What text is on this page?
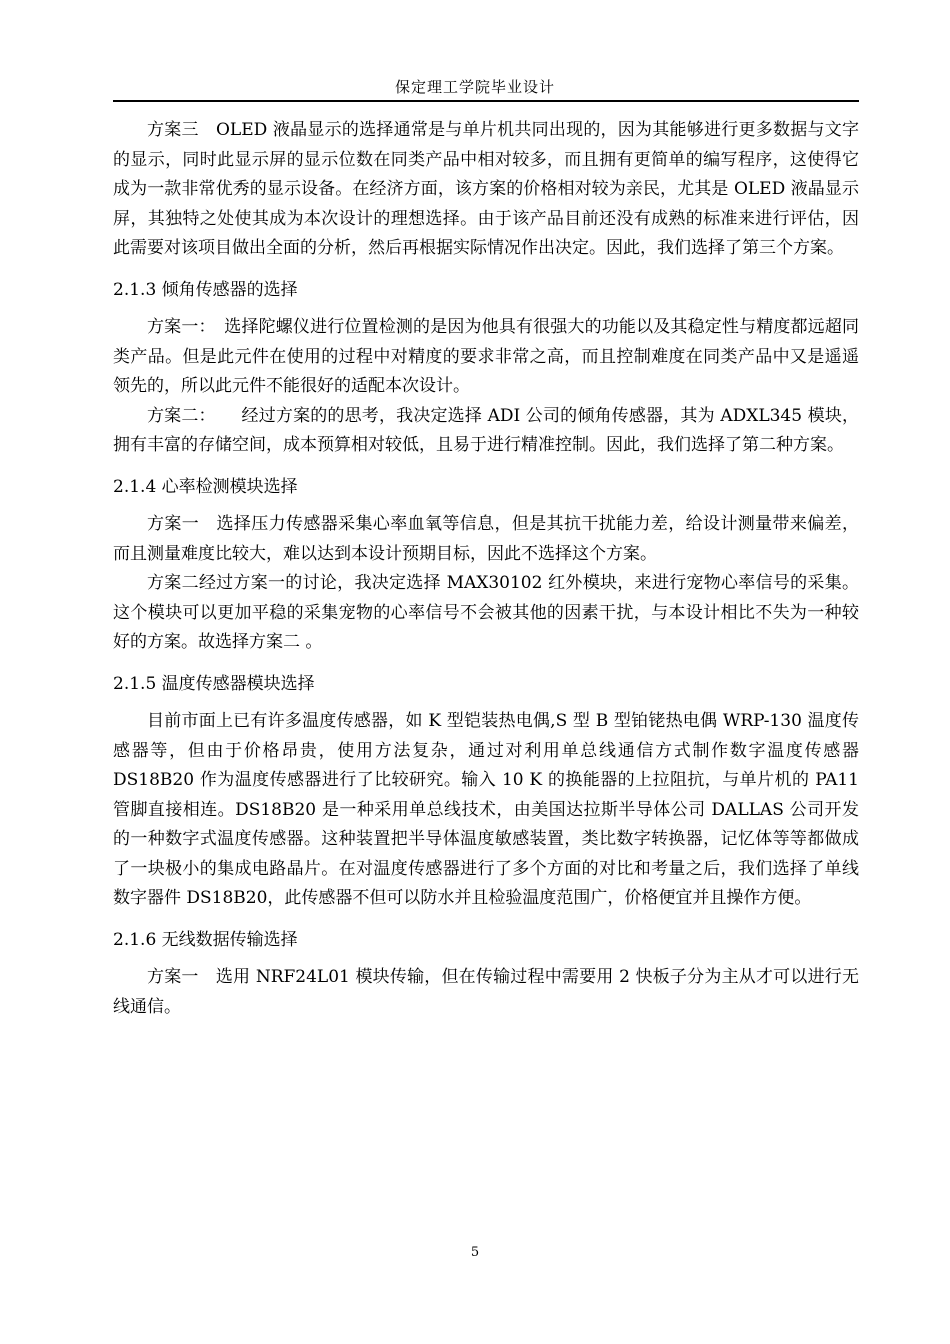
保定理工学院毕业设计

方案三　OLED 液晶显示的选择通常是与单片机共同出现的，因为其能够进行更多数据与文字的显示，同时此显示屏的显示位数在同类产品中相对较多，而且拥有更简单的编写程序，这使得它成为一款非常优秀的显示设备。在经济方面，该方案的价格相对较为亲民，尤其是 OLED 液晶显示屏，其独特之处使其成为本次设计的理想选择。由于该产品目前还没有成熟的标准来进行评估，因此需要对该项目做出全面的分析，然后再根据实际情况作出决定。因此，我们选择了第三个方案。

2.1.3 倾角传感器的选择

方案一：　选择陀螺仪进行位置检测的是因为他具有很强大的功能以及其稳定性与精度都远超同类产品。但是此元件在使用的过程中对精度的要求非常之高，而且控制难度在同类产品中又是遥遥领先的，所以此元件不能很好的适配本次设计。

方案二：　　经过方案的的思考，我决定选择 ADI 公司的倾角传感器，其为 ADXL345 模块，拥有丰富的存储空间，成本预算相对较低，且易于进行精准控制。因此，我们选择了第二种方案。

2.1.4 心率检测模块选择

方案一　选择压力传感器采集心率血氧等信息，但是其抗干扰能力差，给设计测量带来偏差，而且测量难度比较大，难以达到本设计预期目标，因此不选择这个方案。

方案二经过方案一的讨论，我决定选择 MAX30102 红外模块，来进行宠物心率信号的采集。这个模块可以更加平稳的采集宠物的心率信号不会被其他的因素干扰，与本设计相比不失为一种较好的方案。故选择方案二 。

2.1.5 温度传感器模块选择

目前市面上已有许多温度传感器，如 K 型铠装热电偶,S 型 B 型铂铑热电偶 WRP-130 温度传感器等，但由于价格昂贵，使用方法复杂，通过对利用单总线通信方式制作数字温度传感器 DS18B20 作为温度传感器进行了比较研究。输入 10 K 的换能器的上拉阻抗，与单片机的 PA11 管脚直接相连。DS18B20 是一种采用单总线技术，由美国达拉斯半导体公司 DALLAS 公司开发的一种数字式温度传感器。这种装置把半导体温度敏感装置，类比数字转换器，记忆体等等都做成了一块极小的集成电路晶片。在对温度传感器进行了多个方面的对比和考量之后，我们选择了单线数字器件 DS18B20，此传感器不但可以防水并且检验温度范围广，价格便宜并且操作方便。

2.1.6 无线数据传输选择

方案一　选用 NRF24L01 模块传输，但在传输过程中需要用 2 快板子分为主从才可以进行无线通信。

5
